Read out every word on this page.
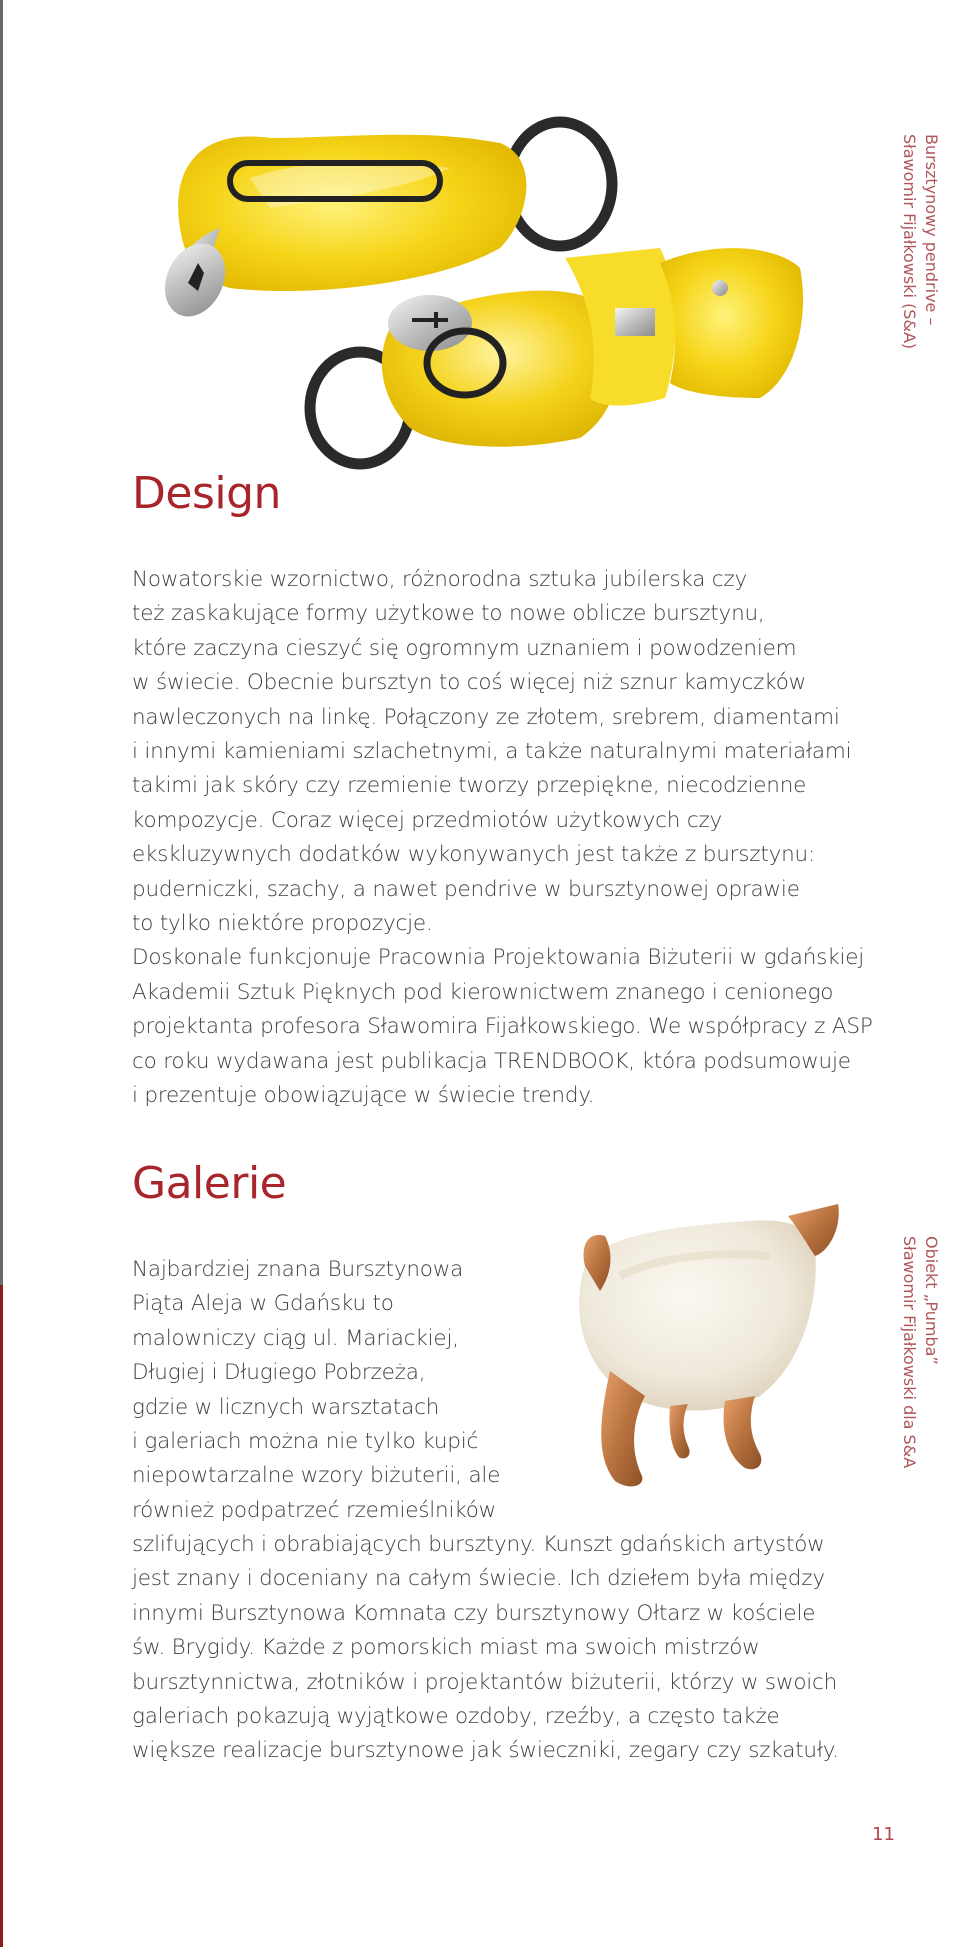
Bursztynowy pendrive –
Sławomir Fijałkowski (S&A)
Design

Nowatorskie wzornictwo, różnorodna sztuka jubilerska czy
też zaskakujące formy użytkowe to nowe oblicze bursztynu,
które zaczyna cieszyć się ogromnym uznaniem i powodzeniem
w świecie. Obecnie bursztyn to coś więcej niż sznur kamyczków
nawleczonych na linkę. Połączony ze złotem, srebrem, diamentami
i innymi kamieniami szlachetnymi, a także naturalnymi materiałami
takimi jak skóry czy rzemienie tworzy przepiękne, niecodzienne
kompozycje. Coraz więcej przedmiotów użytkowych czy
ekskluzywnych dodatków wykonywanych jest także z bursztynu:
puderniczki, szachy, a nawet pendrive w bursztynowej oprawie
to tylko niektóre propozycje.
Doskonale funkcjonuje Pracownia Projektowania Biżuterii w gdańskiej
Akademii Sztuk Pięknych pod kierownictwem znanego i cenionego
projektanta profesora Sławomira Fijałkowskiego. We współpracy z ASP
co roku wydawana jest publikacja TRENDBOOK, która podsumowuje
i prezentuje obowiązujące w świecie trendy.

Galerie
Obiekt „Pumba”
Sławomir Fijałkowski dla S&A

Najbardziej znana Bursztynowa
Piąta Aleja w Gdańsku to
malowniczy ciąg ul. Mariackiej,
Długiej i Długiego Pobrzeża,
gdzie w licznych warsztatach
i galeriach można nie tylko kupić
niepowtarzalne wzory biżuterii, ale
również podpatrzeć rzemieślników

szlifujących i obrabiających bursztyny. Kunszt gdańskich artystów
jest znany i doceniany na całym świecie. Ich dziełem była między
innymi Bursztynowa Komnata czy bursztynowy Ołtarz w kościele
św. Brygidy. Każde z pomorskich miast ma swoich mistrzów
bursztynnictwa, złotników i projektantów biżuterii, którzy w swoich
galeriach pokazują wyjątkowe ozdoby, rzeźby, a często także
większe realizacje bursztynowe jak świeczniki, zegary czy szkatuły.

11
